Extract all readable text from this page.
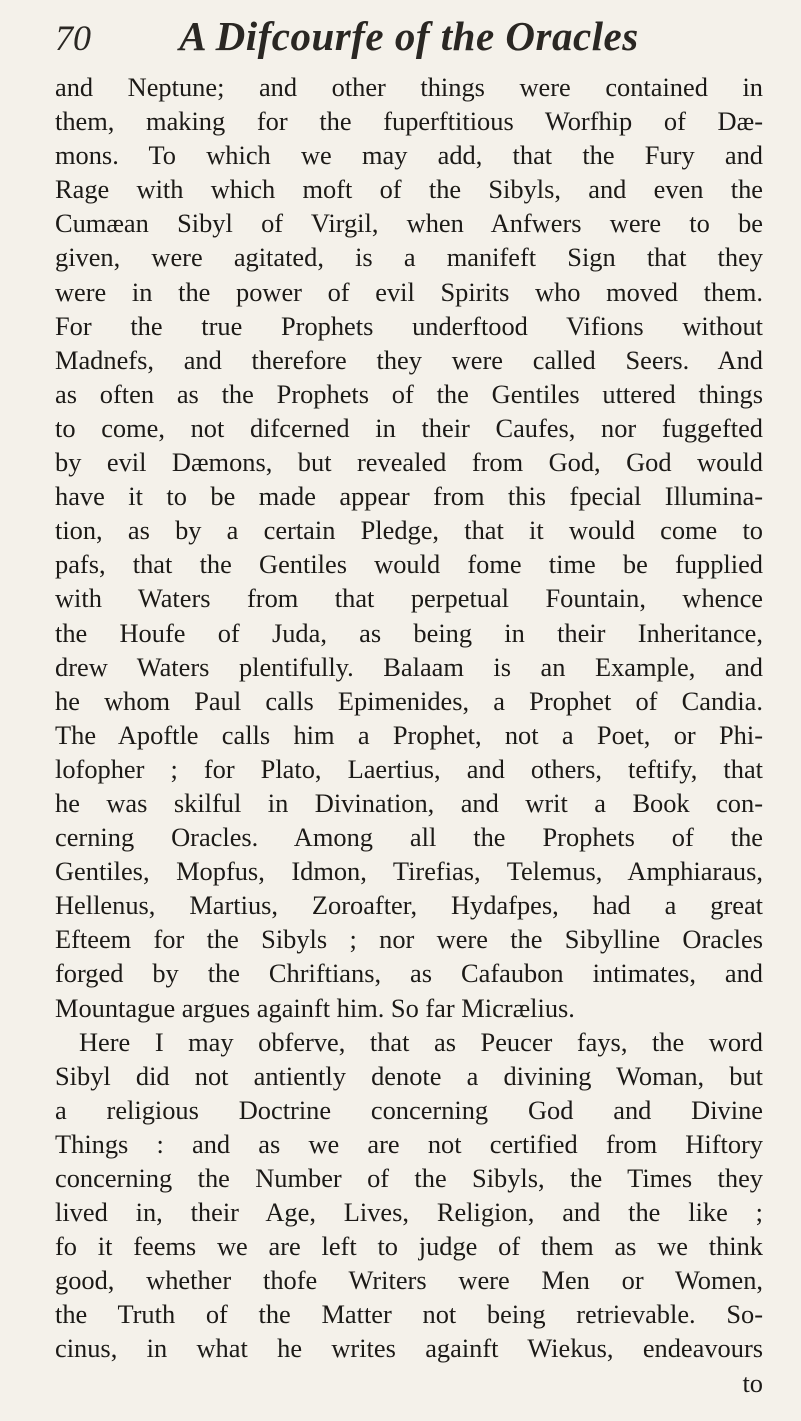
70	A Difcourfe of the Oracles
and Neptune; and other things were contained in
them, making for the fuperftitious Worfhip of Dæ-
mons. To which we may add, that the Fury and
Rage with which moft of the Sibyls, and even the
Cumæan Sibyl of Virgil, when Anfwers were to be
given, were agitated, is a manifeft Sign that they
were in the power of evil Spirits who moved them.
For the true Prophets underftood Vifions without
Madnefs, and therefore they were called Seers. And
as often as the Prophets of the Gentiles uttered things
to come, not difcerned in their Caufes, nor fuggefted
by evil Dæmons, but revealed from God, God would
have it to be made appear from this fpecial Illumina-
tion, as by a certain Pledge, that it would come to
pafs, that the Gentiles would fome time be fupplied
with Waters from that perpetual Fountain, whence
the Houfe of Juda, as being in their Inheritance,
drew Waters plentifully. Balaam is an Example, and
he whom Paul calls Epimenides, a Prophet of Candia.
The Apoftle calls him a Prophet, not a Poet, or Phi-
lofopher ; for Plato, Laertius, and others, teftify, that
he was skilful in Divination, and writ a Book con-
cerning Oracles. Among all the Prophets of the
Gentiles, Mopfus, Idmon, Tirefias, Telemus, Amphiaraus,
Hellenus, Martius, Zoroafter, Hydafpes, had a great
Efteem for the Sibyls ; nor were the Sibylline Oracles
forged by the Chriftians, as Cafaubon intimates, and
Mountague argues againft him. So far Micrælius.
Here I may obferve, that as Peucer fays, the word
Sibyl did not antiently denote a divining Woman, but
a religious Doctrine concerning God and Divine
Things : and as we are not certified from Hiftory
concerning the Number of the Sibyls, the Times they
lived in, their Age, Lives, Religion, and the like ;
fo it feems we are left to judge of them as we think
good, whether thofe Writers were Men or Women,
the Truth of the Matter not being retrievable. So-
cinus, in what he writes againft Wiekus, endeavours
to
